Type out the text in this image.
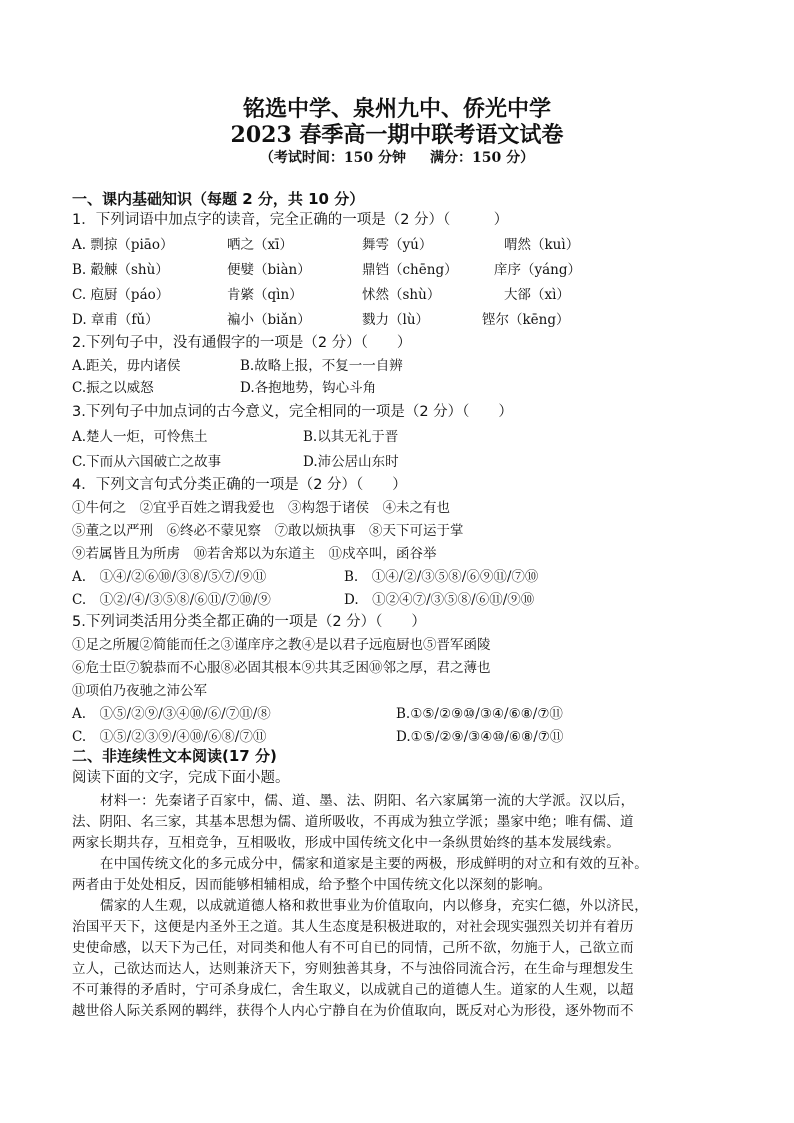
铭选中学、泉州九中、侨光中学
2023 春季高一期中联考语文试卷
（考试时间：150 分钟 满分：150 分）
一、课内基础知识（每题 2 分，共 10 分）
1．下列词语中加点字的读音，完全正确的一项是（2 分）（　　　）
A. 剽掠（piāo）	哂之（xī）	舞雩（yú）	喟然（kuì）
B. 觳觫（shù）	便嬖（biàn）	鼎铛（chēng）	庠序（yáng）
C. 庖厨（páo）	肯綮（qìn）	怵然（shù）	大郤（xì）
D. 章甫（fǔ）	褊小（biǎn）	戮力（lù）	铿尔（kēng）
2.下列句子中，没有通假字的一项是（2 分）（　　）
A.距关，毋内诸侯	B.故略上报，不复一一自辨
C.振之以威怒	D.各抱地势，钩心斗角
3.下列句子中加点词的古今意义，完全相同的一项是（2 分）（　　）
A.楚人一炬，可怜焦土	B.以其无礼于晋
C.下而从六国破亡之故事	D.沛公居山东时
4．下列文言句式分类正确的一项是（2 分）（　　）
①牛何之　②宜乎百姓之谓我爱也　③构怨于诸侯　④未之有也
⑤董之以严刑　⑥终必不蒙见察　⑦敢以烦执事　⑧天下可运于掌
⑨若属皆且为所虏　⑩若舍郑以为东道主　⑪戍卒叫，函谷举
A.　①④/②⑥⑩/③⑧/⑤⑦/⑨⑪	B.　①④/②/③⑤⑧/⑥⑨⑪/⑦⑩
C.　①②/④/③⑤⑧/⑥⑪/⑦⑩/⑨	D.　①②④⑦/③⑤⑧/⑥⑪/⑨⑩
5.下列词类活用分类全都正确的一项是（2 分）（　　）
①足之所履②简能而任之③谨庠序之教④是以君子远庖厨也⑤晋军函陵
⑥危士臣⑦貌恭而不心服⑧必固其根本⑨共其乏困⑩邻之厚，君之薄也
⑪项伯乃夜驰之沛公军
A.　①⑤/②⑨/③④⑩/⑥/⑦⑪/⑧	B.①⑤/②⑨⑩/③④/⑥⑧/⑦⑪
C.　①⑤/②③⑨/④⑩/⑥⑧/⑦⑪	D.①⑤/②⑨/③④⑩/⑥⑧/⑦⑪
二、非连续性文本阅读(17 分)
阅读下面的文字，完成下面小题。
材料一：先秦诸子百家中，儒、道、墨、法、阴阳、名六家属第一流的大学派。汉以后，
法、阴阳、名三家，其基本思想为儒、道所吸收，不再成为独立学派；墨家中绝；唯有儒、道
两家长期共存，互相竞争，互相吸收，形成中国传统文化中一条纵贯始终的基本发展线索。
在中国传统文化的多元成分中，儒家和道家是主要的两极，形成鲜明的对立和有效的互补。
两者由于处处相反，因而能够相辅相成，给予整个中国传统文化以深刻的影响。
儒家的人生观，以成就道德人格和救世事业为价值取向，内以修身，充实仁德，外以济民，
治国平天下，这便是内圣外王之道。其人生态度是积极进取的，对社会现实强烈关切并有着历
史使命感，以天下为己任，对同类和他人有不可自已的同情，己所不欲，勿施于人，己欲立而
立人，己欲达而达人，达则兼济天下，穷则独善其身，不与浊俗同流合污，在生命与理想发生
不可兼得的矛盾时，宁可杀身成仁，舍生取义，以成就自己的道德人生。道家的人生观，以超
越世俗人际关系网的羁绊，获得个人内心宁静自在为价值取向，既反对心为形役，逐外物而不
